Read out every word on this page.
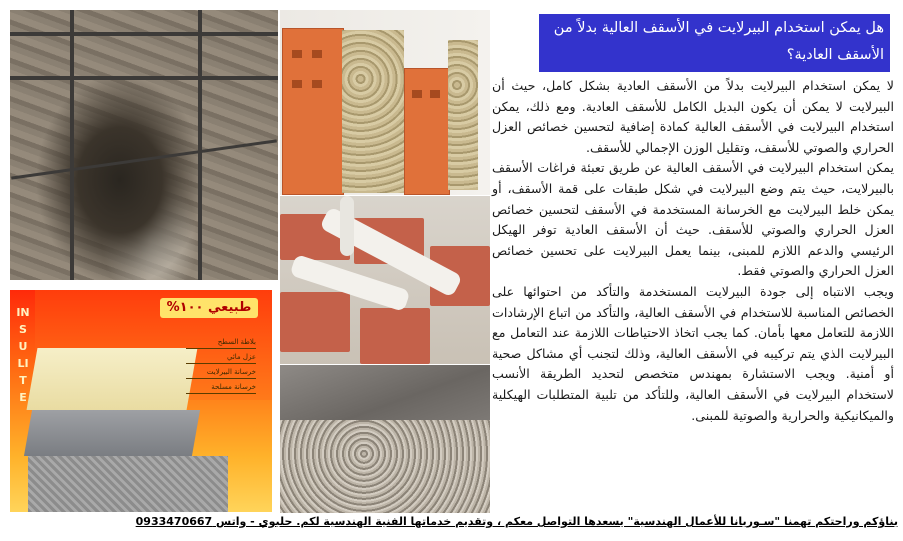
INSULITE
طبيعي ١٠٠%
بلاطة السطح
عزل مائي
خرسانة البيرلايت
خرسانة مسلحة
هل يمكن استخدام البيرلايت في الأسقف العالية بدلاً من الأسقف العادية؟

لا يمكن استخدام البيرلايت بدلاً من الأسقف العادية بشكل كامل، حيث أن البيرلايت لا يمكن أن يكون البديل الكامل للأسقف العادية. ومع ذلك، يمكن استخدام البيرلايت في الأسقف العالية كمادة إضافية لتحسين خصائص العزل الحراري والصوتي للأسقف، وتقليل الوزن الإجمالي للأسقف.

يمكن استخدام البيرلايت في الأسقف العالية عن طريق تعبئة فراغات الأسقف بالبيرلايت، حيث يتم وضع البيرلايت في شكل طبقات على قمة الأسقف، أو يمكن خلط البيرلايت مع الخرسانة المستخدمة في الأسقف لتحسين خصائص العزل الحراري والصوتي للأسقف. حيث أن الأسقف العادية توفر الهيكل الرئيسي والدعم اللازم للمبنى، بينما يعمل البيرلايت على تحسين خصائص العزل الحراري والصوتي فقط.

ويجب الانتباه إلى جودة البيرلايت المستخدمة والتأكد من احتوائها على الخصائص المناسبة للاستخدام في الأسقف العالية، والتأكد من اتباع الإرشادات اللازمة للتعامل معها بأمان. كما يجب اتخاذ الاحتياطات اللازمة عند التعامل مع البيرلايت الذي يتم تركيبه في الأسقف العالية، وذلك لتجنب أي مشاكل صحية أو أمنية. ويجب الاستشارة بمهندس متخصص لتحديد الطريقة الأنسب لاستخدام البيرلايت في الأسقف العالية، وللتأكد من تلبية المتطلبات الهيكلية والميكانيكية والحرارية والصوتية للمبنى.

بناؤكم وراحتكم تهمنا "سـوريانا للأعمال الهندسية" يسعدها التواصل معكم ، وتقديم خدماتها الفنية الهندسية لكم. حلبوي - واتس 0933470667
